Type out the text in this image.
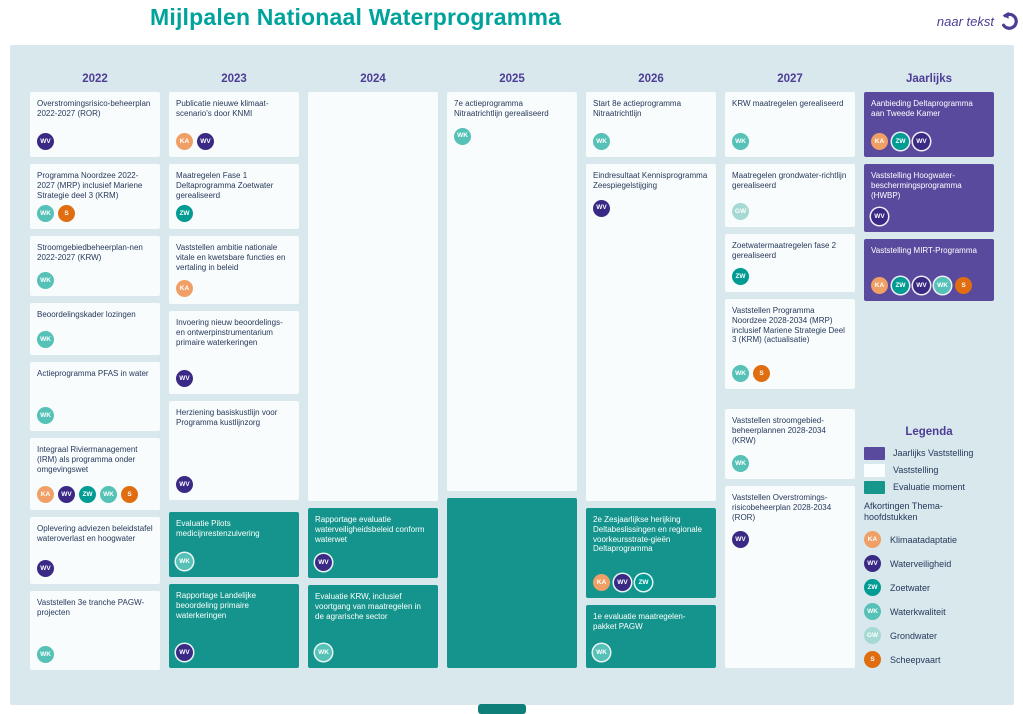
Mijlpalen Nationaal Waterprogramma	naar tekst
2022
Overstromingsrisico-beheerplan 2022-2027 (ROR)
WV
Programma Noordzee 2022-2027 (MRP) inclusief Mariene Strategie deel 3 (KRM)
WK	S
Stroomgebiedbeheerplan-nen 2022-2027 (KRW)
WK
Beoordelingskader lozingen
WK
Actieprogramma PFAS in water
WK
Integraal Riviermanagement (IRM) als programma onder omgevingswet
KA	WV	ZW	WK	S
Oplevering adviezen beleidstafel wateroverlast en hoogwater
WV
Vaststellen 3e tranche PAGW-projecten
WK
2023
Publicatie nieuwe klimaat-scenario's door KNMI
KA	WV
Maatregelen Fase 1 Deltaprogramma Zoetwater gerealiseerd
ZW
Vaststellen ambitie nationale vitale en kwetsbare functies en vertaling in beleid
KA
Invoering nieuw beoordelings- en ontwerpinstrumentarium primaire waterkeringen
WV
Herziening basiskustlijn voor Programma kustlijnzorg
WV
Evaluatie Pilots medicijnrestenzuivering
WK
Rapportage Landelijke beoordeling primaire waterkeringen
WV
2024
Rapportage evaluatie waterveiligheidsbeleid conform waterwet
WV
Evaluatie KRW, inclusief voortgang van maatregelen in de agrarische sector
WK
2025
7e actieprogramma Nitraatrichtlijn gerealiseerd
WK
2026
Start 8e actieprogramma Nitraatrichtlijn
WK
Eindresultaat Kennisprogramma Zeespiegelstijging
WV
2e Zesjaarlijkse herijking Deltabeslissingen en regionale voorkeursstrate-gieën Deltaprogramma
KA	WV	ZW
1e evaluatie maatregelen-pakket PAGW
WK
2027
KRW maatregelen gerealiseerd
WK
Maatregelen grondwater-richtlijn gerealiseerd
GW
Zoetwatermaatregelen fase 2 gerealiseerd
ZW
Vaststellen Programma Noordzee 2028-2034 (MRP) inclusief Mariene Strategie Deel 3 (KRM) (actualisatie)
WK	S
Vaststellen stroomgebied-beheerplannen 2028-2034 (KRW)
WK
Vaststellen Overstromings-risicobeheerplan 2028-2034 (ROR)
WV
Jaarlijks
Aanbieding Deltaprogramma aan Tweede Kamer
KA	ZW	WV
Vaststelling Hoogwater-beschermingsprogramma (HWBP)
WV
Vaststelling MIRT-Programma
KA	ZW	WV	WK	S
Legenda
Jaarlijks Vaststelling
Vaststelling
Evaluatie moment
Afkortingen Thema-hoofdstukken
KA	Klimaatadaptatie
WV	Waterveiligheid
ZW	Zoetwater
WK	Waterkwaliteit
GW	Grondwater
S	Scheepvaart
